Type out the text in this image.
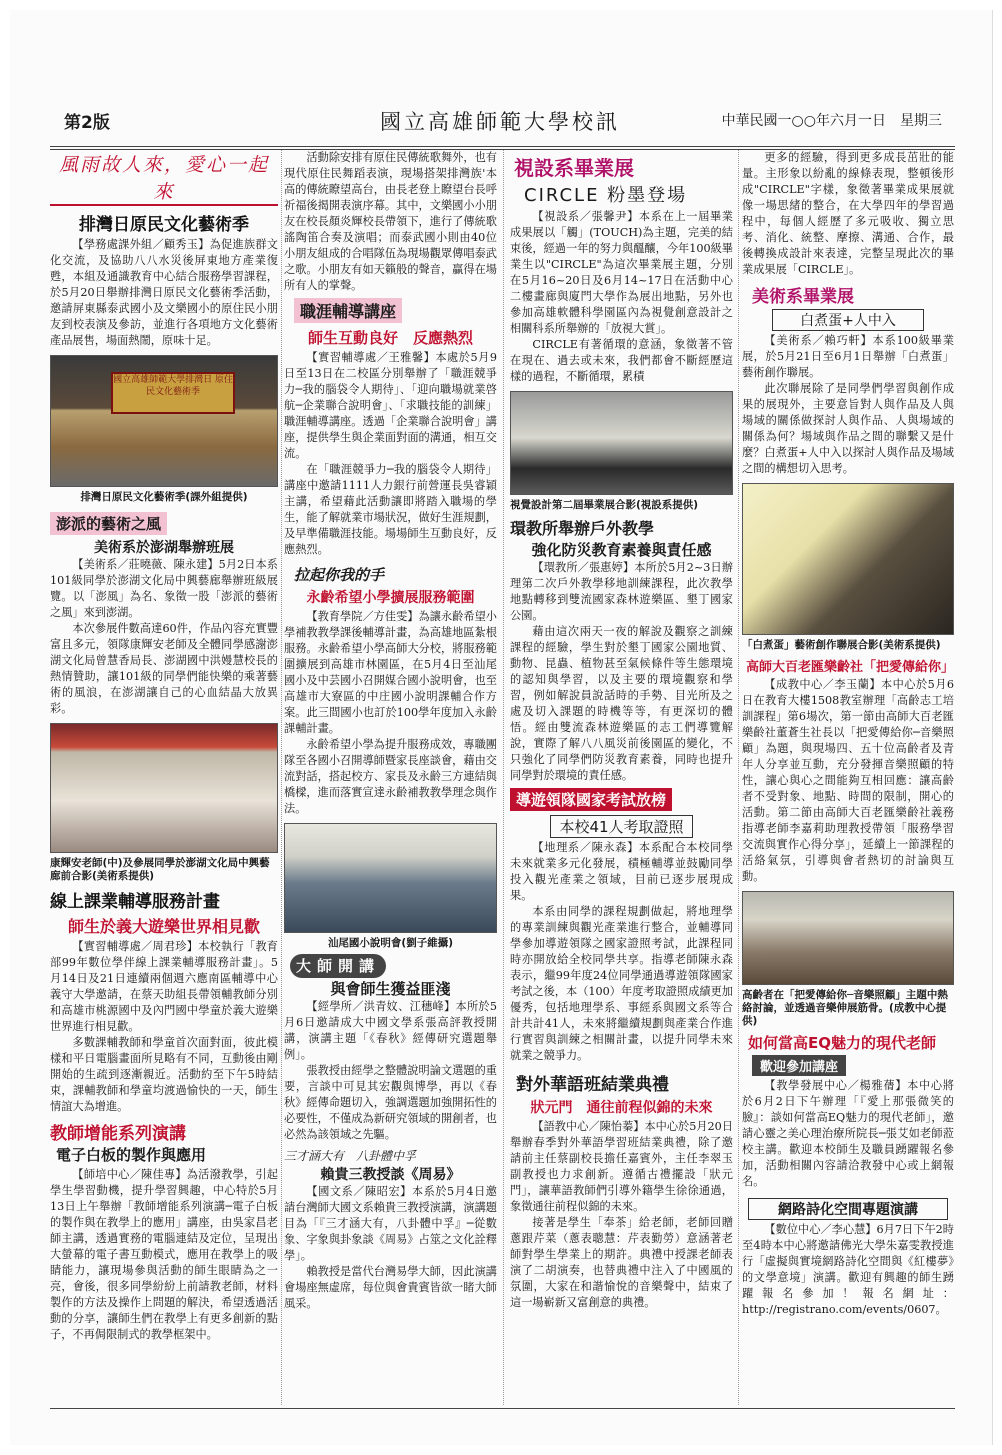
第2版	國立高雄師範大學校訊	中華民國一○○年六月一日　星期三
風雨故人來，愛心一起來
排灣日原民文化藝術季

【學務處課外組／顧秀玉】為促進族群文化交流，及協助八八水災後屏東地方產業復甦，本組及通識教育中心結合服務學習課程，於5月20日舉辦排灣日原民文化藝術季活動，邀請屏東縣泰武國小及文樂國小的原住民小朋友到校表演及參訪，並進行各項地方文化藝術產品展售，場面熱鬧，原味十足。

國立高雄師範大學排灣日 原住民文化藝術季
排灣日原民文化藝術季(課外組提供)
澎派的藝術之風
美術系於澎湖舉辦班展

【美術系／莊曉薇、陳永建】5月2日本系101級同學於澎湖文化局中興藝廊舉辦班級展覽。以「澎風」為名、象徵一股「澎派的藝術之風」來到澎湖。

本次參展件數高達60件，作品內容充實豐富且多元，領隊康輝安老師及全體同學感謝澎湖文化局曾慧香局長、澎湖國中洪嫚慧校長的熱情贊助，讓101級的同學們能快樂的乘著藝術的風浪，在澎湖讓自己的心血結晶大放異彩。

康輝安老師(中)及參展同學於澎湖文化局中興藝廊前合影(美術系提供)
線上課業輔導服務計畫
師生於義大遊樂世界相見歡

【實習輔導處／周君珍】本校執行「教育部99年數位學伴線上課業輔導服務計畫」。5月14日及21日連續兩個週六應南區輔導中心義守大學邀請，在蔡天助組長帶領輔教師分別和高雄市桃源國中及內門國中學童於義大遊樂世界進行相見歡。

多數課輔教師和學童首次面對面，彼此模樣和平日電腦畫面所見略有不同，互動後由剛開始的生疏到逐漸親近。活動約至下午5時結束，課輔教師和學童均渡過愉快的一天，師生情誼大為增進。

教師增能系列演講
電子白板的製作與應用

【師培中心／陳佳專】為活潑教學，引起學生學習動機，提升學習興趣，中心特於5月13日上午舉辦「教師增能系列演講─電子白板的製作與在教學上的應用」講座，由吳家昌老師主講，透過實務的電腦連結及定位，呈現出大螢幕的電子書互動模式，應用在教學上的吸睛能力，讓現場參與活動的師生眼睛為之一亮，會後，很多同學紛紛上前請教老師，材料製作的方法及操作上問題的解決，希望透過活動的分享，讓師生們在教學上有更多創新的點子，不再侷限制式的教學框架中。

活動除安排有原住民傳統歌舞外，也有現代原住民舞蹈表演，現場搭架排灣族'本高的傳統瞭望高台，由長老登上瞭望台長呼祈福後揭開表演序幕。其中，文樂國小小朋友在校長顏炎輝校長帶領下，進行了傳統歌謠陶笛合奏及演唱；而泰武國小則由40位小朋友組成的合唱隊伍為現場觀眾傳唱泰武之歌。小朋友有如天籟般的聲音，贏得在場所有人的掌聲。

職涯輔導講座
師生互動良好　反應熱烈

【實習輔導處／王雅馨】本處於5月9日至13日在二校區分別舉辦了「職涯競爭力─我的腦袋令人期待」、「迎向職場就業啓航─企業聯合說明會」、「求職技能的訓練」職涯輔導講座。透過「企業聯合說明會」講座，提供學生與企業面對面的溝通，相互交流。

在「職涯競爭力─我的腦袋令人期待」講座中邀請1111人力銀行前營運長吳睿穎主講，希望藉此活動讓即將踏入職場的學生，能了解就業市場狀況，做好生涯規劃，及早準備職涯技能。場場師生互動良好，反應熱烈。

拉起你我的手
永齡希望小學擴展服務範圍

【教育學院／方佳雯】為讓永齡希望小學補教教學課後輔導計畫，為高雄地區紮根服務。永齡希望小學高師大分校，將服務範圍擴展到高雄市林園區，在5月4日至汕尾國小及中芸國小召開媒合國小說明會，也至高雄市大寮區的中庄國小說明課輔合作方案。此三間國小也訂於100學年度加入永齡課輔計畫。

永齡希望小學為提升服務成效，專職團隊至各國小召開導師暨家長座談會，藉由交流對話，搭起校方、家長及永齡三方連結與橋樑，進而落實宣達永齡補教教學理念與作法。

汕尾國小說明會(劉子維攝)
大師開講
與會師生獲益匪淺

【經學所／洪青妏、江穗峰】本所於5月6日邀請成大中國文學系張高評教授開講，演講主題「《春秋》經傳研究選題舉例」。

張教授由經學之整體說明論文選題的重要，言談中可見其宏觀與博學，再以《春秋》經傳命題切入，強調選題加強開拓性的必要性，不僅成為新研究領域的開創者，也必然為該領域之先驅。

三才涵大有　八卦體中孚
賴貴三教授談《周易》

【國文系／陳昭宏】本系於5月4日邀請台灣師大國文系賴貴三教授演講，演講題目為「『三才涵大有，八卦體中孚』─從數象、字象與卦象談《周易》占筮之文化詮釋學」。

賴教授是當代台灣易學大師，因此演講會場座無虛席，每位與會貴賓皆欲一睹大師風采。

視設系畢業展
CIRCLE 粉墨登場

【視設系／張馨尹】本系在上一屆畢業成果展以「觸」(TOUCH)為主題，完美的結束後，經過一年的努力與醞釀，今年100級畢業生以"CIRCLE"為這次畢業展主題，分別在5月16~20日及6月14~17日在活動中心二樓畫廊與廈門大學作為展出地點，另外也參加高雄軟體科學園區內為視覺創意設計之相關科系所舉辦的「放視大賞」。

CIRCLE有著循環的意涵，象徵著不管在現在、過去或未來，我們都會不斷經歷這樣的過程，不斷循環，累積

視覺設計第二屆畢業展合影(視設系提供)
環教所舉辦戶外教學
強化防災教育素養與責任感

【環教所／張惠婷】本所於5月2~3日辦理第二次戶外教學移地訓練課程，此次教學地點轉移到雙流國家森林遊樂區、墾丁國家公園。

藉由這次兩天一夜的解說及觀察之訓練課程的經驗，學生對於墾丁國家公園地質、動物、昆蟲、植物甚至氣候條件等生態環境的認知與學習，以及主要的環境觀察和學習，例如解說員說話時的手勢、目光所及之處及切入課題的時機等等，有更深切的體悟。經由雙流森林遊樂區的志工們導覽解說，實際了解八八風災前後園區的變化，不只強化了同學們防災教育素養，同時也提升同學對於環境的責任感。

導遊領隊國家考試放榜
本校41人考取證照

【地理系／陳永森】本系配合本校同學未來就業多元化發展，積極輔導並鼓勵同學投入觀光產業之領域，目前已逐步展現成果。

本系由同學的課程規劃做起，將地理學的專業訓練與觀光產業進行整合，並輔導同學參加導遊領隊之國家證照考試，此課程同時亦開放給全校同學共享。指導老師陳永森表示，繼99年度24位同學通過導遊領隊國家考試之後，本（100）年度考取證照成績更加優秀，包括地理學系、事經系與國文系等合計共計41人，未來將繼續規劃與產業合作進行實習與訓練之相關計畫，以提升同學未來就業之競爭力。

對外華語班結業典禮
狀元門　通往前程似錦的未來

【語教中心／陳怡蓁】本中心於5月20日舉辦春季對外華語學習班結業典禮，除了邀請前主任蔡副校長擔任嘉賓外，主任李翠玉副教授也力求創新。遵循古禮擺設「狀元門」，讓華語教師們引導外籍學生徐徐通過，象徵通往前程似錦的未來。

接著是學生「奉茶」給老師，老師回贈蔥跟芹菜（蔥表聰慧：芹表勤勞）意涵著老師對學生學業上的期許。典禮中授課老師表演了二胡演奏，也替典禮中注入了中國風的氛圍，大家在和諧愉悅的音樂聲中，結束了這一場嶄新又富創意的典禮。

更多的經驗，得到更多成長茁壯的能量。主形象以紛亂的線條表現，整頓後形成"CIRCLE"字樣，象徵著畢業成果展就像一場思緒的整合，在大學四年的學習過程中，每個人經歷了多元吸收、獨立思考、消化、統整、摩擦、溝通、合作，最後轉換成設計來表達，完整呈現此次的畢業成果展「CIRCLE」。

美術系畢業展
白煮蛋+人中入

【美術系／賴巧軒】本系100級畢業展，於5月21日至6月1日舉辦「白煮蛋」藝術創作聯展。

此次聯展除了是同學們學習與創作成果的展現外，主要意旨對人與作品及人與場域的關係做探討人與作品、人與場域的關係為何？場域與作品之間的聯繫又是什麼？白煮蛋+人中入以探討人與作品及場域之間的構想切入思考。

「白煮蛋」藝術創作聯展合影(美術系提供)
高師大百老匯樂齡社「把愛傳給你」

【成教中心／李玉蘭】本中心於5月6日在教育大樓1508教室辦理「高齡志工培訓課程」第6場次，第一節由高師大百老匯樂齡社董蒼生社長以「把愛傳給你─音樂照顧」為題，與現場四、五十位高齡者及青年人分享並互動，充分發揮音樂照顧的特性，讓心與心之間能夠互相回應：讓高齡者不受對象、地點、時間的限制，開心的活動。第二節由高師大百老匯樂齡社義務指導老師李嘉莉助理教授帶領「服務學習交流與實作心得分享」，延續上一節課程的活絡氣氛，引導與會者熱切的討論與互動。

高齡者在「把愛傳給你─音樂照顧」主題中熱絡討論，並透過音樂伸展筋骨。(成教中心提供)
如何當高EQ魅力的現代老師
歡迎參加講座

【教學發展中心／楊雅蒨】本中心將於6月2日下午辦理「『愛上那張微笑的臉』：談如何當高EQ魅力的現代老師」，邀請心靈之美心理治療所院長─張艾如老師蒞校主講。歡迎本校師生及職員踴躍報名參加，活動相關內容請洽教發中心或上網報名。

網路詩化空間專題演講

【數位中心／李心慧】6月7日下午2時至4時本中心將邀請佛光大學朱嘉雯教授進行「虛擬與實境網路詩化空間與《紅樓夢》的文學意境」演講。歡迎有興趣的師生踴躍報名參加！報名網址：http://registrano.com/events/0607。
